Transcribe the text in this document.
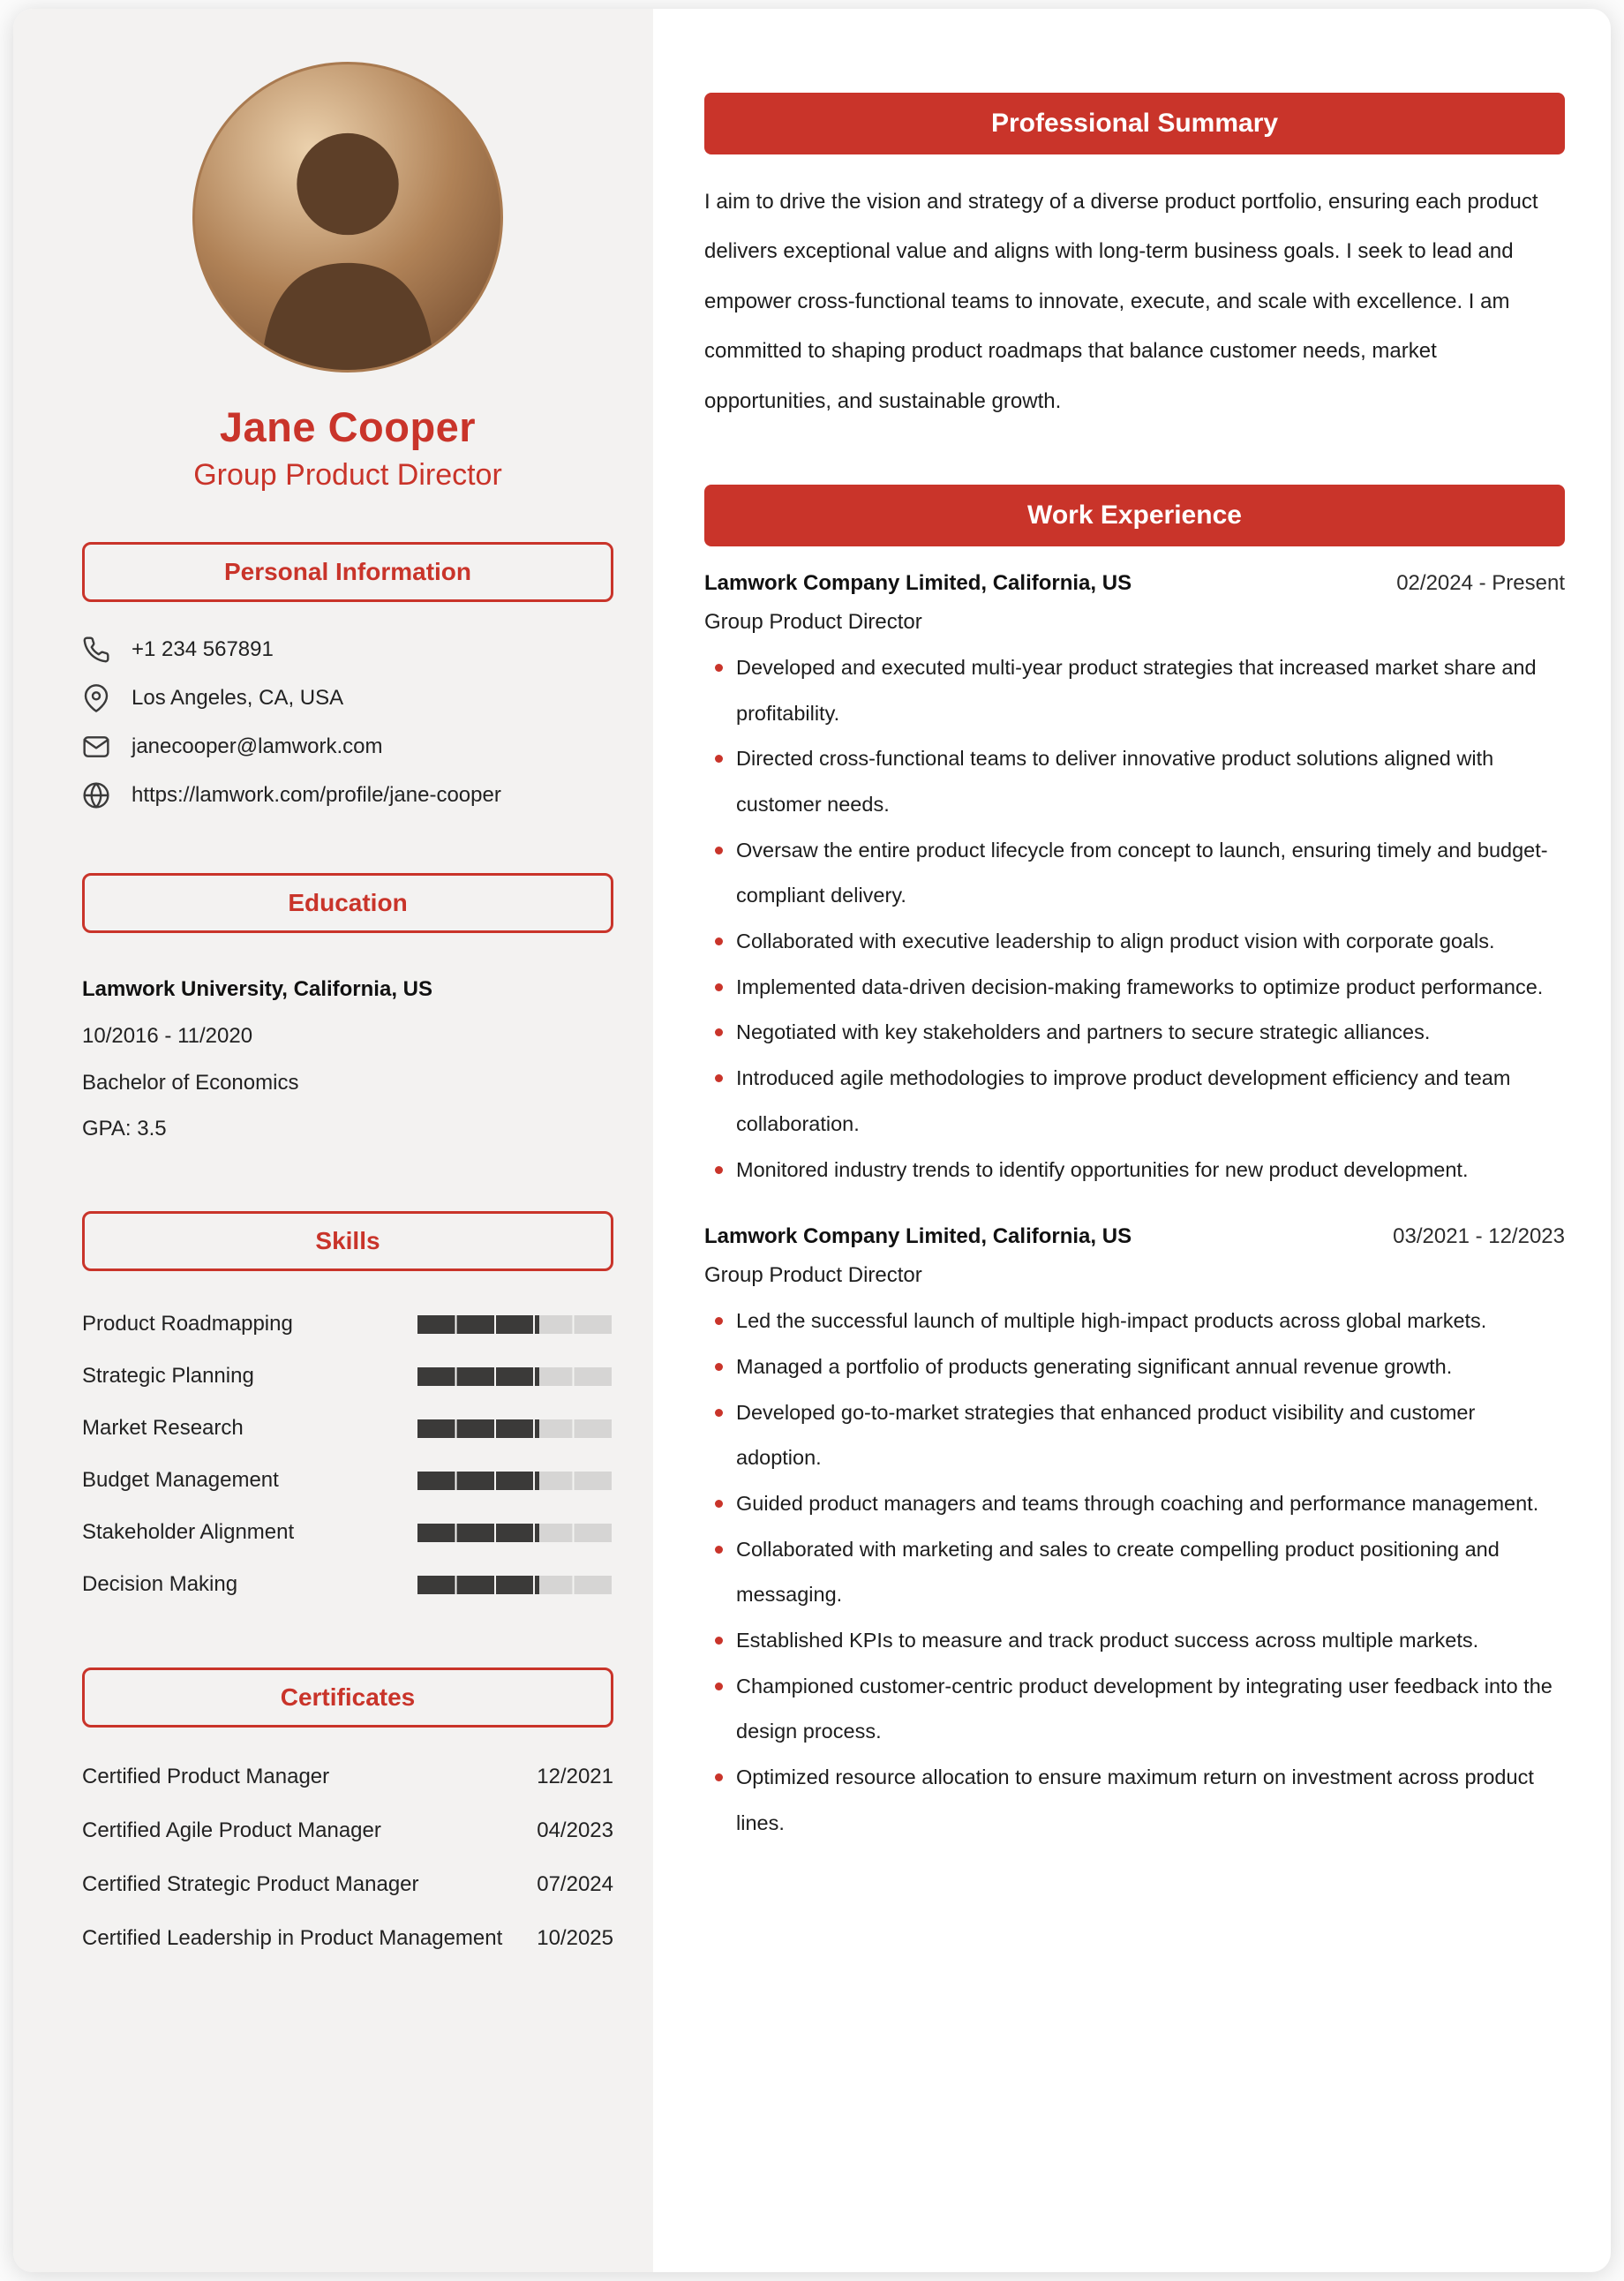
Jane Cooper
Group Product Director
Personal Information
+1 234 567891
Los Angeles, CA, USA
janecooper@lamwork.com
https://lamwork.com/profile/jane-cooper
Education
Lamwork University, California, US
10/2016 - 11/2020
Bachelor of Economics
GPA: 3.5
Skills
Product Roadmapping
Strategic Planning
Market Research
Budget Management
Stakeholder Alignment
Decision Making
Certificates
Certified Product Manager	12/2021
Certified Agile Product Manager	04/2023
Certified Strategic Product Manager	07/2024
Certified Leadership in Product Management 10/2025
Professional Summary

I aim to drive the vision and strategy of a diverse product portfolio, ensuring each product delivers exceptional value and aligns with long-term business goals. I seek to lead and empower cross-functional teams to innovate, execute, and scale with excellence. I am committed to shaping product roadmaps that balance customer needs, market opportunities, and sustainable growth.

Work Experience
Lamwork Company Limited, California, US	02/2024 - Present
Group Product Director
Developed and executed multi-year product strategies that increased market share and profitability.
Directed cross-functional teams to deliver innovative product solutions aligned with customer needs.
Oversaw the entire product lifecycle from concept to launch, ensuring timely and budget-compliant delivery.
Collaborated with executive leadership to align product vision with corporate goals.
Implemented data-driven decision-making frameworks to optimize product performance.
Negotiated with key stakeholders and partners to secure strategic alliances.
Introduced agile methodologies to improve product development efficiency and team collaboration.
Monitored industry trends to identify opportunities for new product development.
Lamwork Company Limited, California, US	03/2021 - 12/2023
Group Product Director
Led the successful launch of multiple high-impact products across global markets.
Managed a portfolio of products generating significant annual revenue growth.
Developed go-to-market strategies that enhanced product visibility and customer adoption.
Guided product managers and teams through coaching and performance management.
Collaborated with marketing and sales to create compelling product positioning and messaging.
Established KPIs to measure and track product success across multiple markets.
Championed customer-centric product development by integrating user feedback into the design process.
Optimized resource allocation to ensure maximum return on investment across product lines.
